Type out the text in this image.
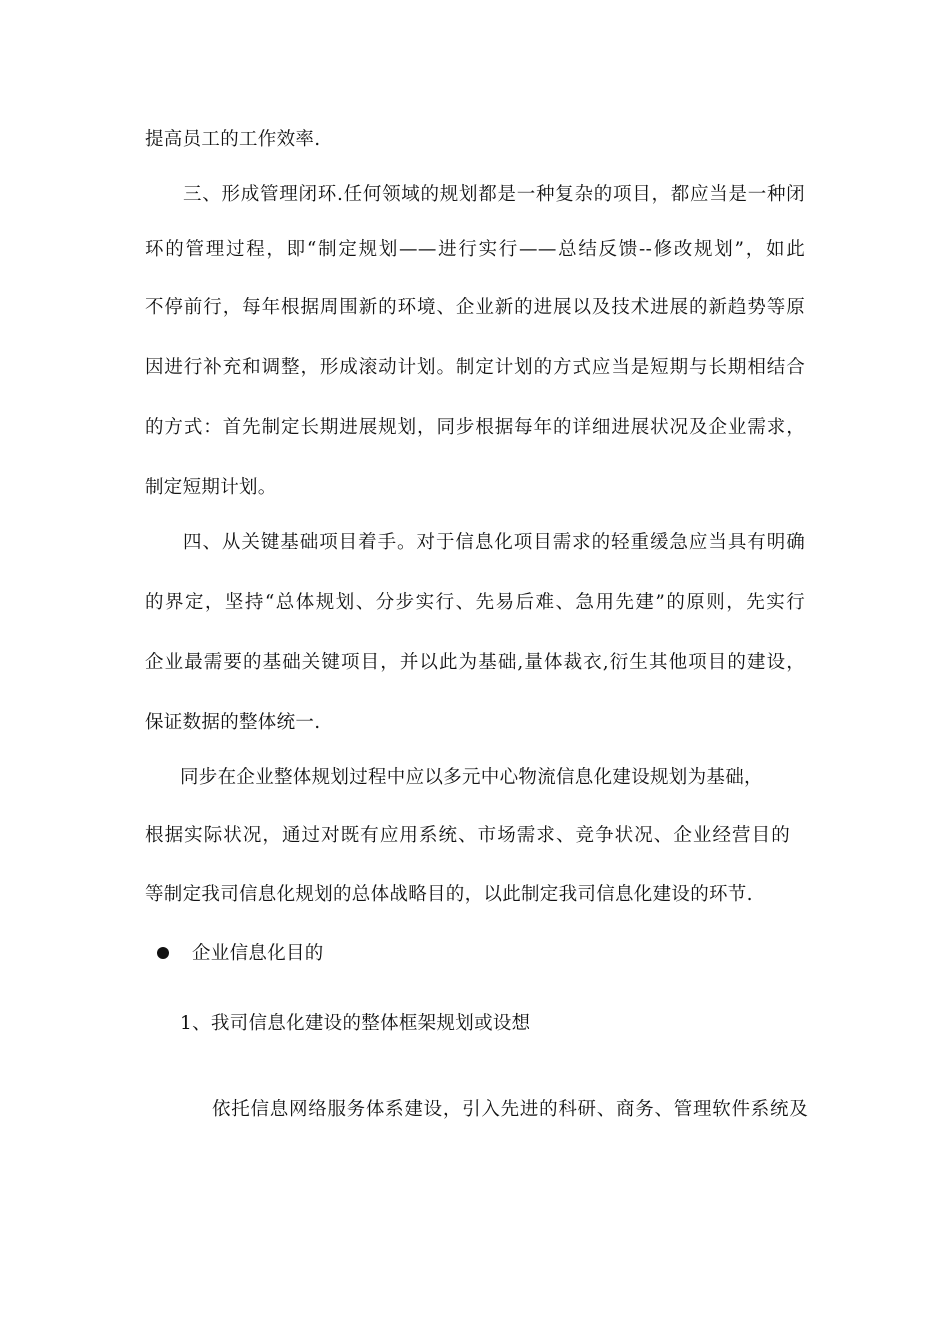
提高员工的工作效率.
三、形成管理闭环.任何领域的规划都是一种复杂的项目，都应当是一种闭
环的管理过程，即“制定规划——进行实行——总结反馈--修改规划”，如此
不停前行，每年根据周围新的环境、企业新的进展以及技术进展的新趋势等原
因进行补充和调整，形成滚动计划。制定计划的方式应当是短期与长期相结合
的方式：首先制定长期进展规划，同步根据每年的详细进展状况及企业需求，
制定短期计划。
四、从关键基础项目着手。对于信息化项目需求的轻重缓急应当具有明确
的界定，坚持“总体规划、分步实行、先易后难、急用先建”的原则，先实行
企业最需要的基础关键项目，并以此为基础,量体裁衣,衍生其他项目的建设，
保证数据的整体统一.
同步在企业整体规划过程中应以多元中心物流信息化建设规划为基础，
根据实际状况，通过对既有应用系统、市场需求、竞争状况、企业经营目的
等制定我司信息化规划的总体战略目的，以此制定我司信息化建设的环节.
企业信息化目的
1、我司信息化建设的整体框架规划或设想
依托信息网络服务体系建设，引入先进的科研、商务、管理软件系统及
